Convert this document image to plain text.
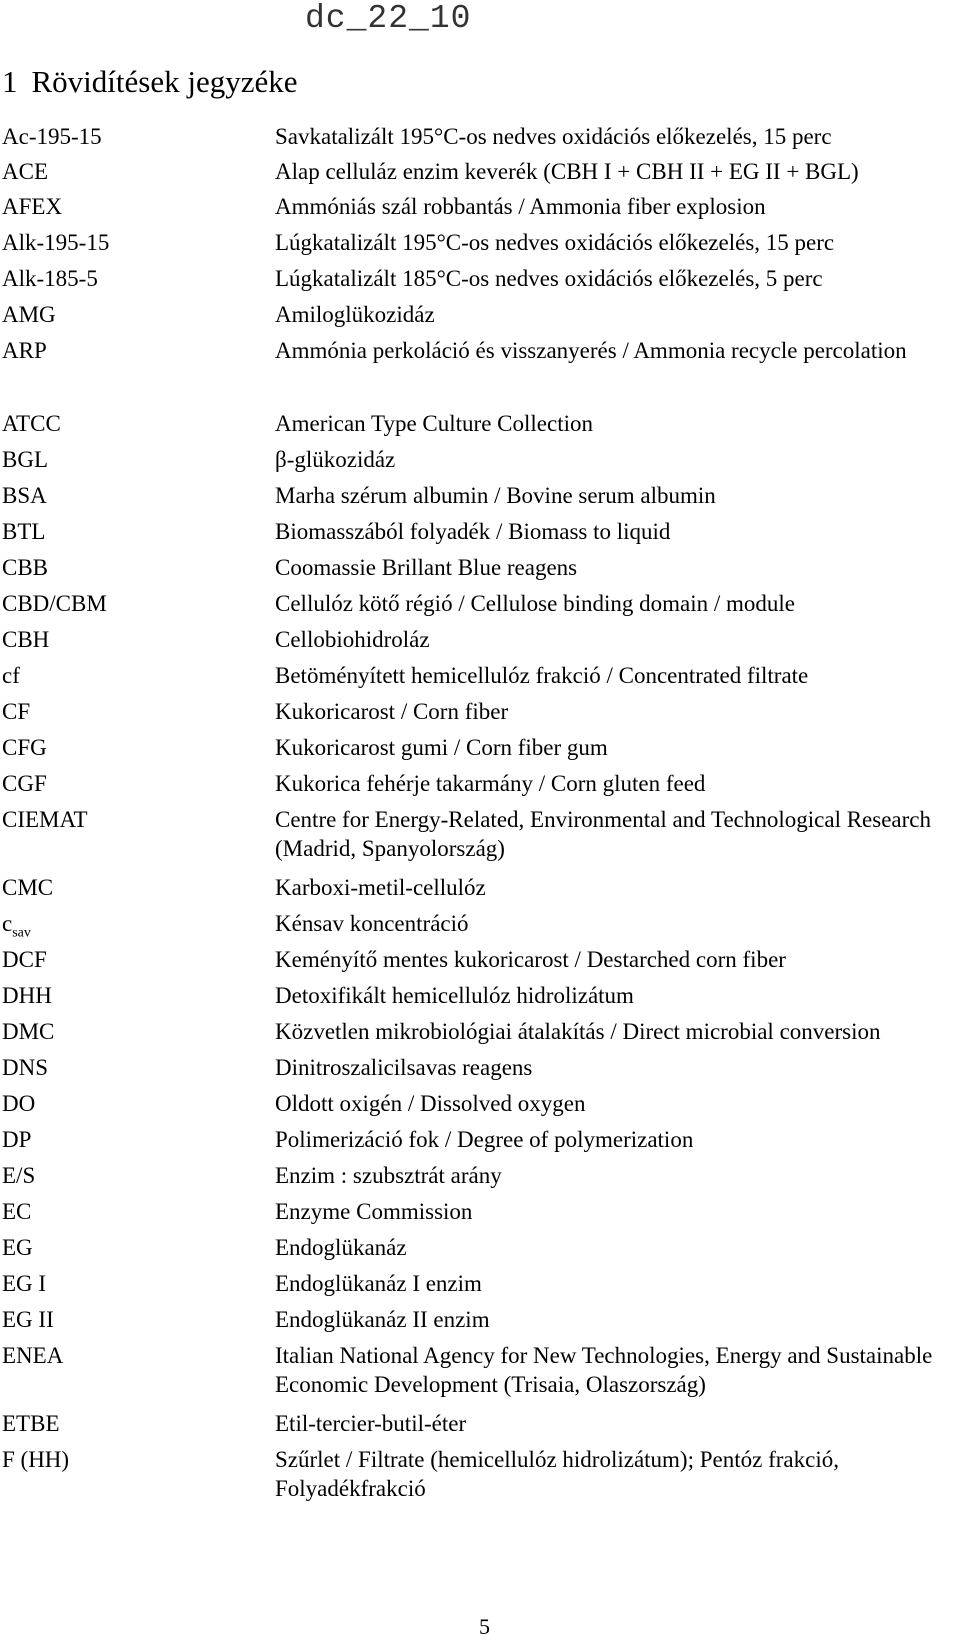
dc_22_10
1 Rövidítések jegyzéke
Ac-195-15	Savkatalizált 195°C-os nedves oxidációs előkezelés, 15 perc
ACE	Alap celluláz enzim keverék (CBH I + CBH II + EG II + BGL)
AFEX	Ammóniás szál robbantás / Ammonia fiber explosion
Alk-195-15	Lúgkatalizált 195°C-os nedves oxidációs előkezelés, 15 perc
Alk-185-5	Lúgkatalizált 185°C-os nedves oxidációs előkezelés, 5 perc
AMG	Amiloglükozidáz
ARP	Ammónia perkoláció és visszanyerés / Ammonia recycle percolation
ATCC	American Type Culture Collection
BGL	β-glükozidáz
BSA	Marha szérum albumin / Bovine serum albumin
BTL	Biomasszából folyadék / Biomass to liquid
CBB	Coomassie Brillant Blue reagens
CBD/CBM	Cellulóz kötő régió / Cellulose binding domain / module
CBH	Cellobiohidroláz
cf	Betöményített hemicellulóz frakció / Concentrated filtrate
CF	Kukoricarost / Corn fiber
CFG	Kukoricarost gumi / Corn fiber gum
CGF	Kukorica fehérje takarmány / Corn gluten feed
CIEMAT	Centre for Energy-Related, Environmental and Technological Research (Madrid, Spanyolország)
CMC	Karboxi-metil-cellulóz
$c_{sav}$	Kénsav koncentráció
DCF	Keményítő mentes kukoricarost / Destarched corn fiber
DHH	Detoxifikált hemicellulóz hidrolizátum
DMC	Közvetlen mikrobiológiai átalakítás / Direct microbial conversion
DNS	Dinitroszalicilsavas reagens
DO	Oldott oxigén / Dissolved oxygen
DP	Polimerizáció fok / Degree of polymerization
E/S	Enzim : szubsztrát arány
EC	Enzyme Commission
EG	Endoglükanáz
EG I	Endoglükanáz I enzim
EG II	Endoglükanáz II enzim
ENEA	Italian National Agency for New Technologies, Energy and Sustainable Economic Development (Trisaia, Olaszország)
ETBE	Etil-tercier-butil-éter
F (HH)	Szűrlet / Filtrate (hemicellulóz hidrolizátum); Pentóz frakció, Folyadékfrakció
5
